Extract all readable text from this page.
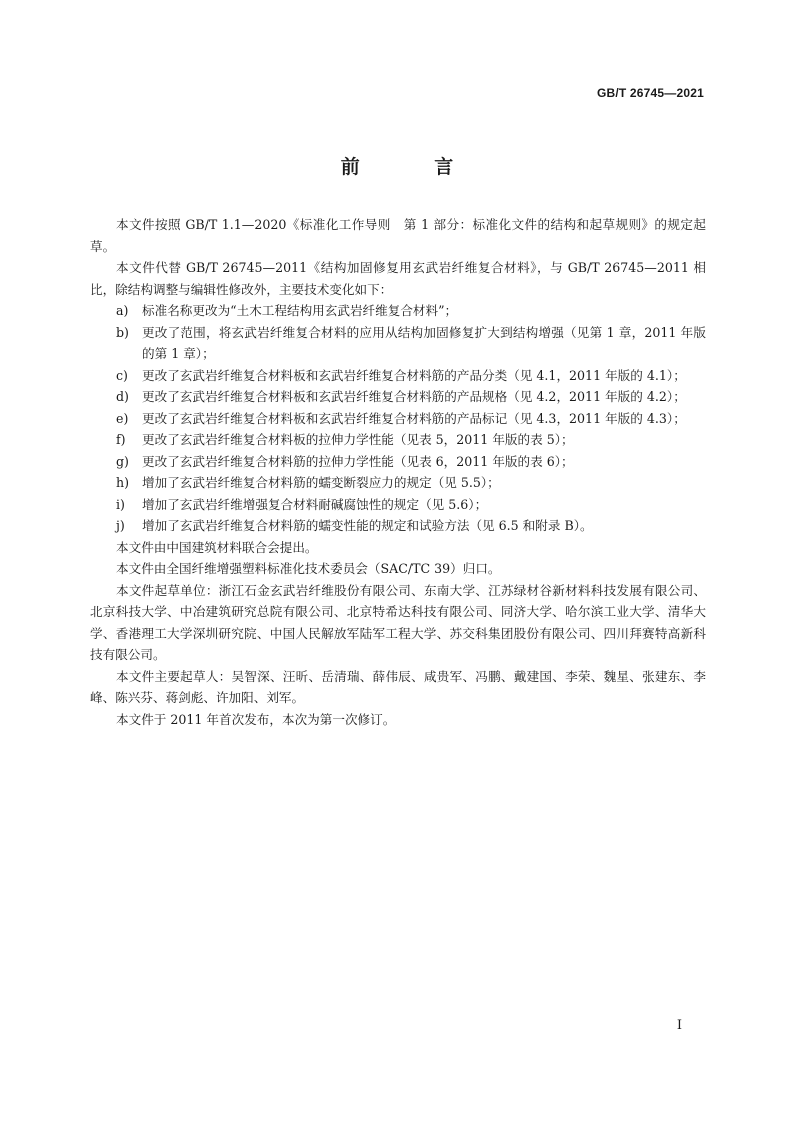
GB/T 26745—2021
前 言

本文件按照 GB/T 1.1—2020《标准化工作导则　第 1 部分：标准化文件的结构和起草规则》的规定起草。

本文件代替 GB/T 26745—2011《结构加固修复用玄武岩纤维复合材料》，与 GB/T 26745—2011 相比，除结构调整与编辑性修改外，主要技术变化如下：

a) 标准名称更改为“土木工程结构用玄武岩纤维复合材料”；
b) 更改了范围，将玄武岩纤维复合材料的应用从结构加固修复扩大到结构增强（见第 1 章，2011 年版的第 1 章）；
c) 更改了玄武岩纤维复合材料板和玄武岩纤维复合材料筋的产品分类（见 4.1，2011 年版的 4.1）；
d) 更改了玄武岩纤维复合材料板和玄武岩纤维复合材料筋的产品规格（见 4.2，2011 年版的 4.2）；
e) 更改了玄武岩纤维复合材料板和玄武岩纤维复合材料筋的产品标记（见 4.3，2011 年版的 4.3）；
f) 更改了玄武岩纤维复合材料板的拉伸力学性能（见表 5，2011 年版的表 5）；
g) 更改了玄武岩纤维复合材料筋的拉伸力学性能（见表 6，2011 年版的表 6）；
h) 增加了玄武岩纤维复合材料筋的蠕变断裂应力的规定（见 5.5）；
i) 增加了玄武岩纤维增强复合材料耐碱腐蚀性的规定（见 5.6）；
j) 增加了玄武岩纤维复合材料筋的蠕变性能的规定和试验方法（见 6.5 和附录 B）。

本文件由中国建筑材料联合会提出。

本文件由全国纤维增强塑料标准化技术委员会（SAC/TC 39）归口。

本文件起草单位：浙江石金玄武岩纤维股份有限公司、东南大学、江苏绿材谷新材料科技发展有限公司、北京科技大学、中冶建筑研究总院有限公司、北京特希达科技有限公司、同济大学、哈尔滨工业大学、清华大学、香港理工大学深圳研究院、中国人民解放军陆军工程大学、苏交科集团股份有限公司、四川拜赛特高新科技有限公司。

本文件主要起草人：吴智深、汪昕、岳清瑞、薛伟辰、咸贵军、冯鹏、戴建国、李荣、魏星、张建东、李峰、陈兴芬、蒋剑彪、许加阳、刘军。

本文件于 2011 年首次发布，本次为第一次修订。

I
